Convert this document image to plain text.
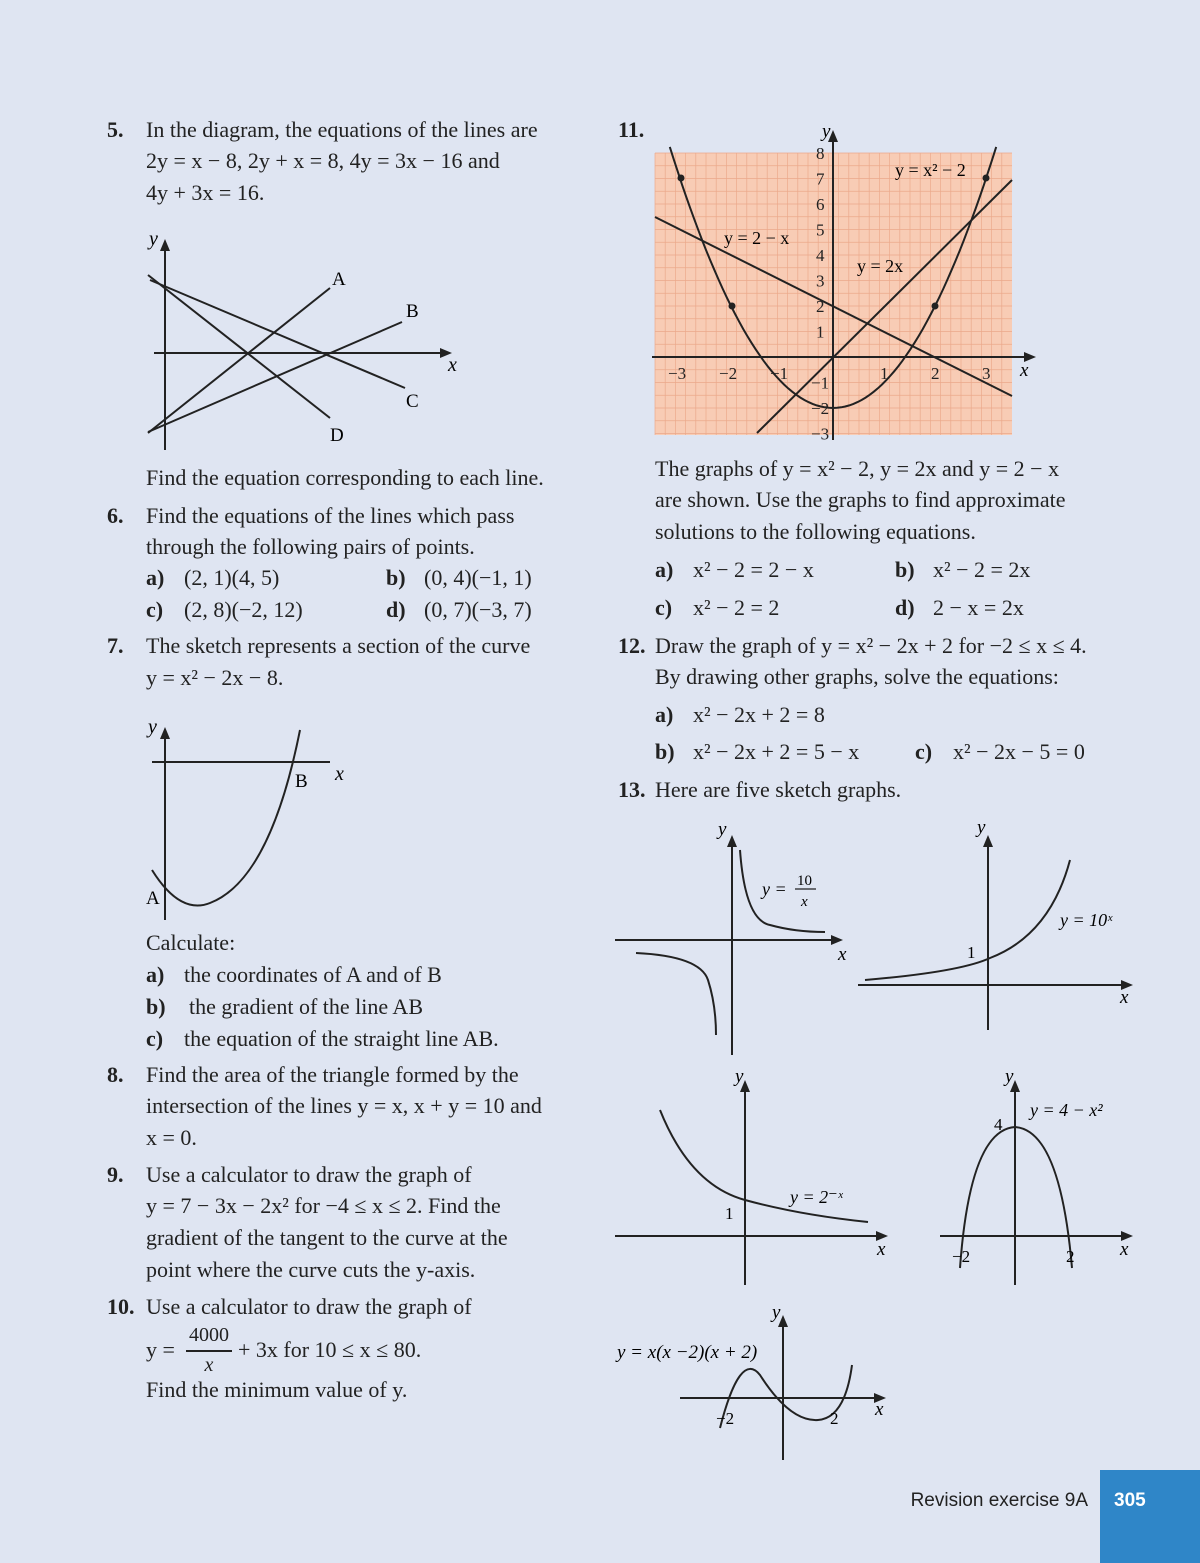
5. In the diagram, the equations of the lines are
2y = x − 8, 2y + x = 8, 4y = 3x − 16 and
4y + 3x = 16.
y
x
A
B
C
D
Find the equation corresponding to each line.
6. Find the equations of the lines which pass
through the following pairs of points.
a) (2, 1)(4, 5)	b) (0, 4)(−1, 1)
c) (2, 8)(−2, 12)	d) (0, 7)(−3, 7)
7. The sketch represents a section of the curve
y = x² − 2x − 8.
y
x
A
B
Calculate:
a) the coordinates of A and of B
b) the gradient of the line AB
c) the equation of the straight line AB.
8. Find the area of the triangle formed by the
intersection of the lines y = x, x + y = 10 and
x = 0.
9. Use a calculator to draw the graph of
y = 7 − 3x − 2x² for −4 ≤ x ≤ 2. Find the
gradient of the tangent to the curve at the
point where the curve cuts the y-axis.
10. Use a calculator to draw the graph of
y =
4000
x
+ 3x for 10 ≤ x ≤ 80.
Find the minimum value of y.
11.
8
7
6
5
4
3
2
1
−1
−2
−3
−3 −2 −1	1	2	3 x
y
y = x² − 2
y = 2 − x
y = 2x
The graphs of y = x² − 2, y = 2x and y = 2 − x
are shown. Use the graphs to find approximate
solutions to the following equations.
a) x² − 2 = 2 − x	b) x² − 2 = 2x
c) x² − 2 = 2	d) 2 − x = 2x
12. Draw the graph of y = x² − 2x + 2 for −2 ≤ x ≤ 4.
By drawing other graphs, solve the equations:
a) x² − 2x + 2 = 8
b) x² − 2x + 2 = 5 − x	c) x² − 2x − 5 = 0
13. Here are five sketch graphs.
y
x
y = 10
x
y
x
1
y = 10ˣ
y
x
1
y = 2⁻ˣ
y
x
4
−2	2
y = 4 − x²
y
x
y = x(x −2)(x + 2)
−2	2
Revision exercise 9A 305
